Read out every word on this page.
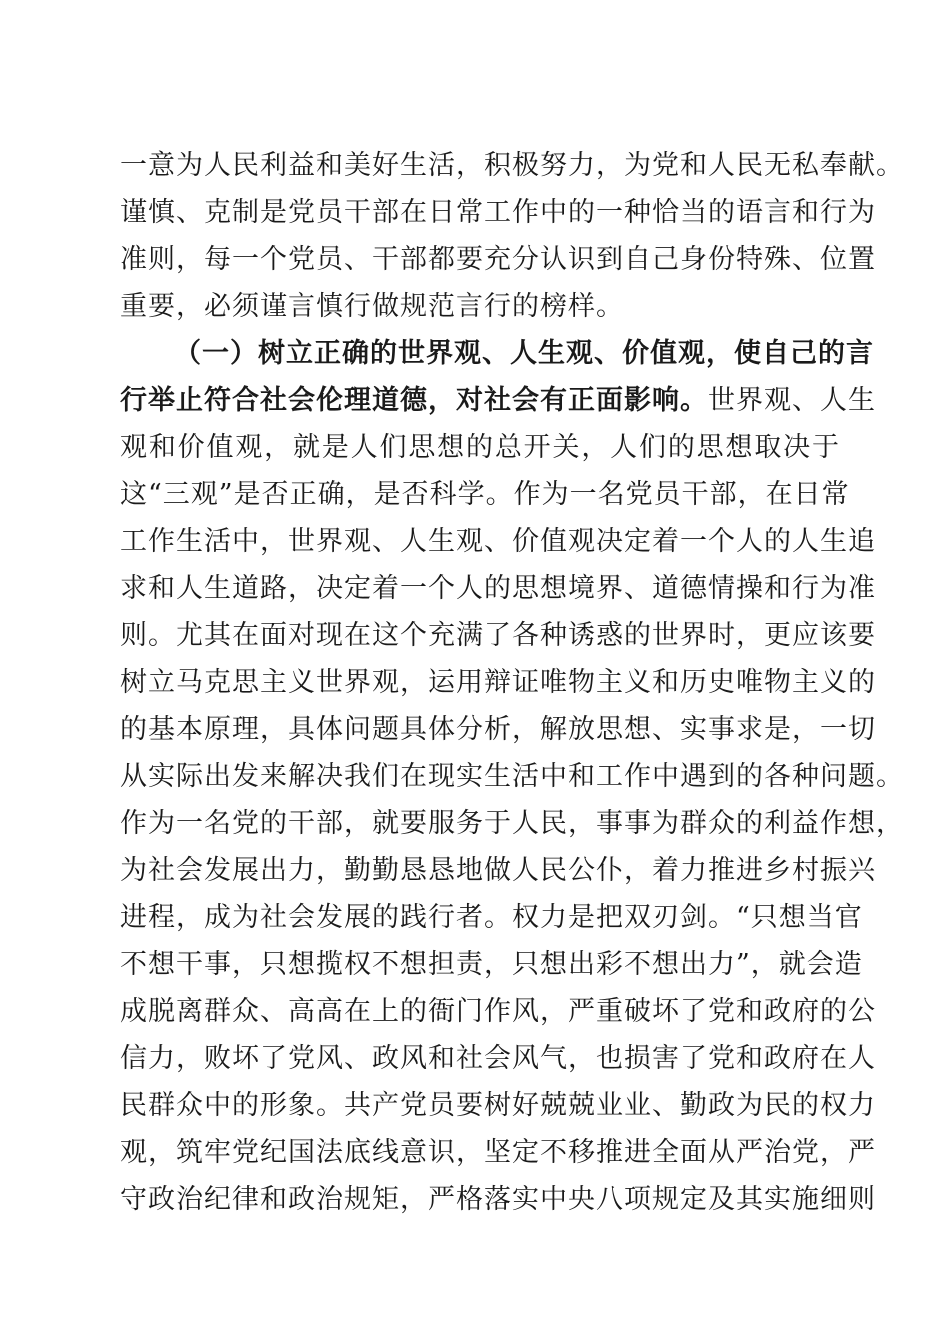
一意为人民利益和美好生活，积极努力，为党和人民无私奉献。
谨慎、克制是党员干部在日常工作中的一种恰当的语言和行为
准则，每一个党员、干部都要充分认识到自己身份特殊、位置
重要，必须谨言慎行做规范言行的榜样。
（一）树立正确的世界观、人生观、价值观，使自己的言
行举止符合社会伦理道德，对社会有正面影响。世界观、人生
观和价值观，就是人们思想的总开关，人们的思想取决于
这“三观”是否正确，是否科学。作为一名党员干部，在日常
工作生活中，世界观、人生观、价值观决定着一个人的人生追
求和人生道路，决定着一个人的思想境界、道德情操和行为准
则。尤其在面对现在这个充满了各种诱惑的世界时，更应该要
树立马克思主义世界观，运用辩证唯物主义和历史唯物主义的
的基本原理，具体问题具体分析，解放思想、实事求是，一切
从实际出发来解决我们在现实生活中和工作中遇到的各种问题。
作为一名党的干部，就要服务于人民，事事为群众的利益作想，
为社会发展出力，勤勤恳恳地做人民公仆，着力推进乡村振兴
进程，成为社会发展的践行者。权力是把双刃剑。“只想当官
不想干事，只想揽权不想担责，只想出彩不想出力”，就会造
成脱离群众、高高在上的衙门作风，严重破坏了党和政府的公
信力，败坏了党风、政风和社会风气，也损害了党和政府在人
民群众中的形象。共产党员要树好兢兢业业、勤政为民的权力
观，筑牢党纪国法底线意识，坚定不移推进全面从严治党，严
守政治纪律和政治规矩，严格落实中央八项规定及其实施细则
